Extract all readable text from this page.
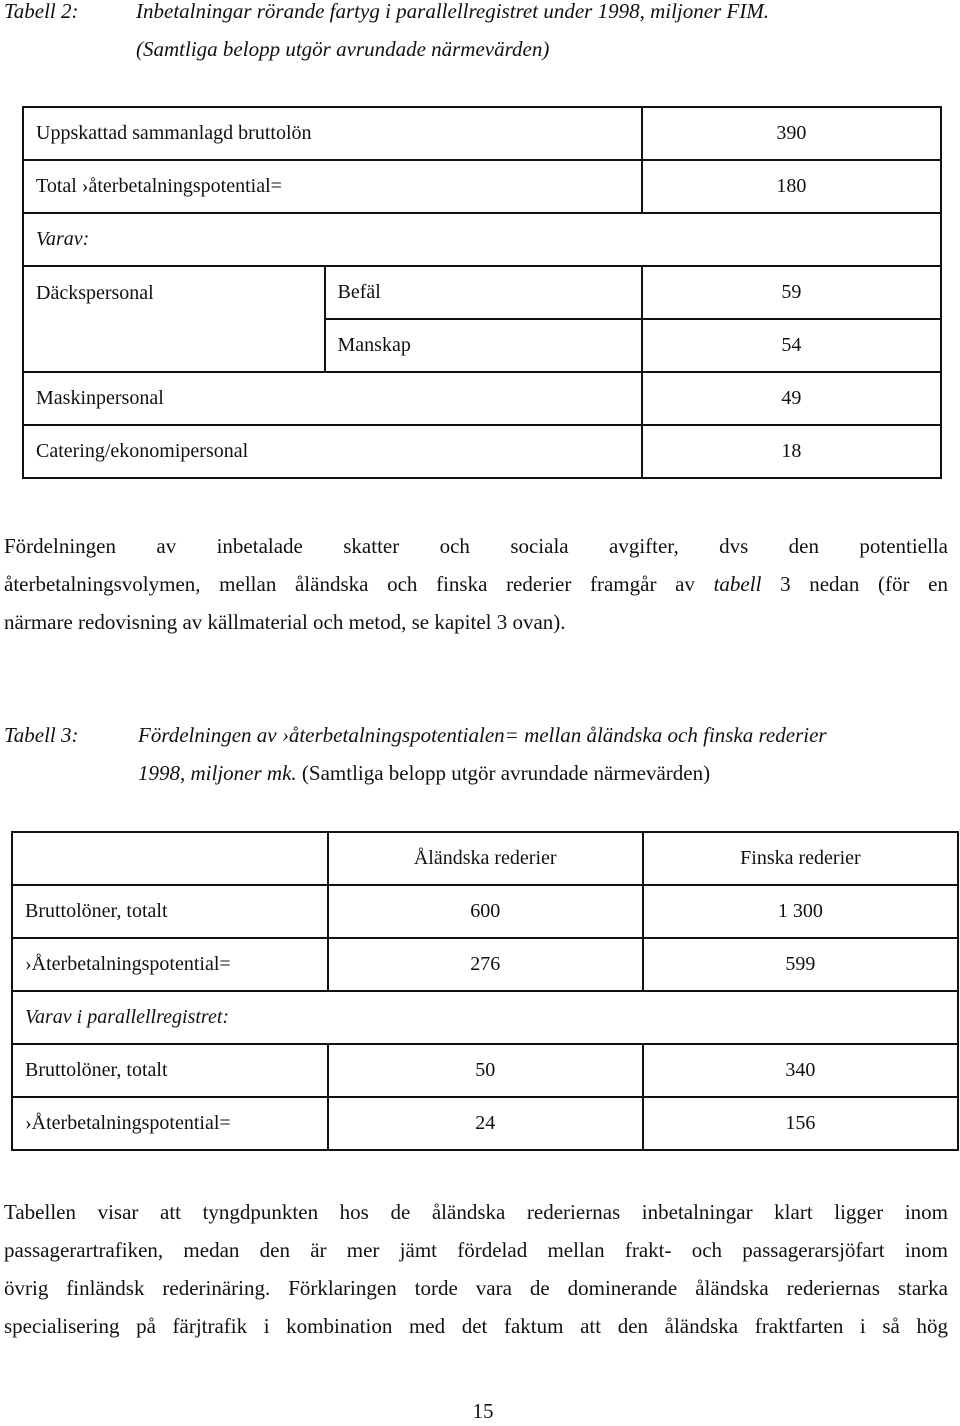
Tabell 2:	Inbetalningar rörande fartyg i parallellregistret under 1998, miljoner FIM.
(Samtliga belopp utgör avrundade närmevärden)
Uppskattad sammanlagd bruttolön		390
Total ›återbetalningspotential=		180
Varav:		
Däckspersonal	Befäl	59
	Manskap	54
Maskinpersonal		49
Catering/ekonomipersonal		18
Fördelningen av inbetalade skatter och sociala avgifter, dvs den potentiella
återbetalningsvolymen, mellan åländska och finska rederier framgår av tabell 3 nedan (för en
närmare redovisning av källmaterial och metod, se kapitel 3 ovan).
Tabell 3:	Fördelningen av ›återbetalningspotentialen= mellan åländska och finska rederier
1998, miljoner mk. (Samtliga belopp utgör avrundade närmevärden)
	Åländska rederier	Finska rederier
Bruttolöner, totalt	600	1 300
›Återbetalningspotential=	276	599
Varav i parallellregistret:		
Bruttolöner, totalt	50	340
›Återbetalningspotential=	24	156
Tabellen visar att tyngdpunkten hos de åländska rederiernas inbetalningar klart ligger inom
passagerartrafiken, medan den är mer jämt fördelad mellan frakt- och passagerarsjöfart inom
övrig finländsk rederinäring. Förklaringen torde vara de dominerande åländska rederiernas starka
specialisering på färjtrafik i kombination med det faktum att den åländska fraktfarten i så hög
15
